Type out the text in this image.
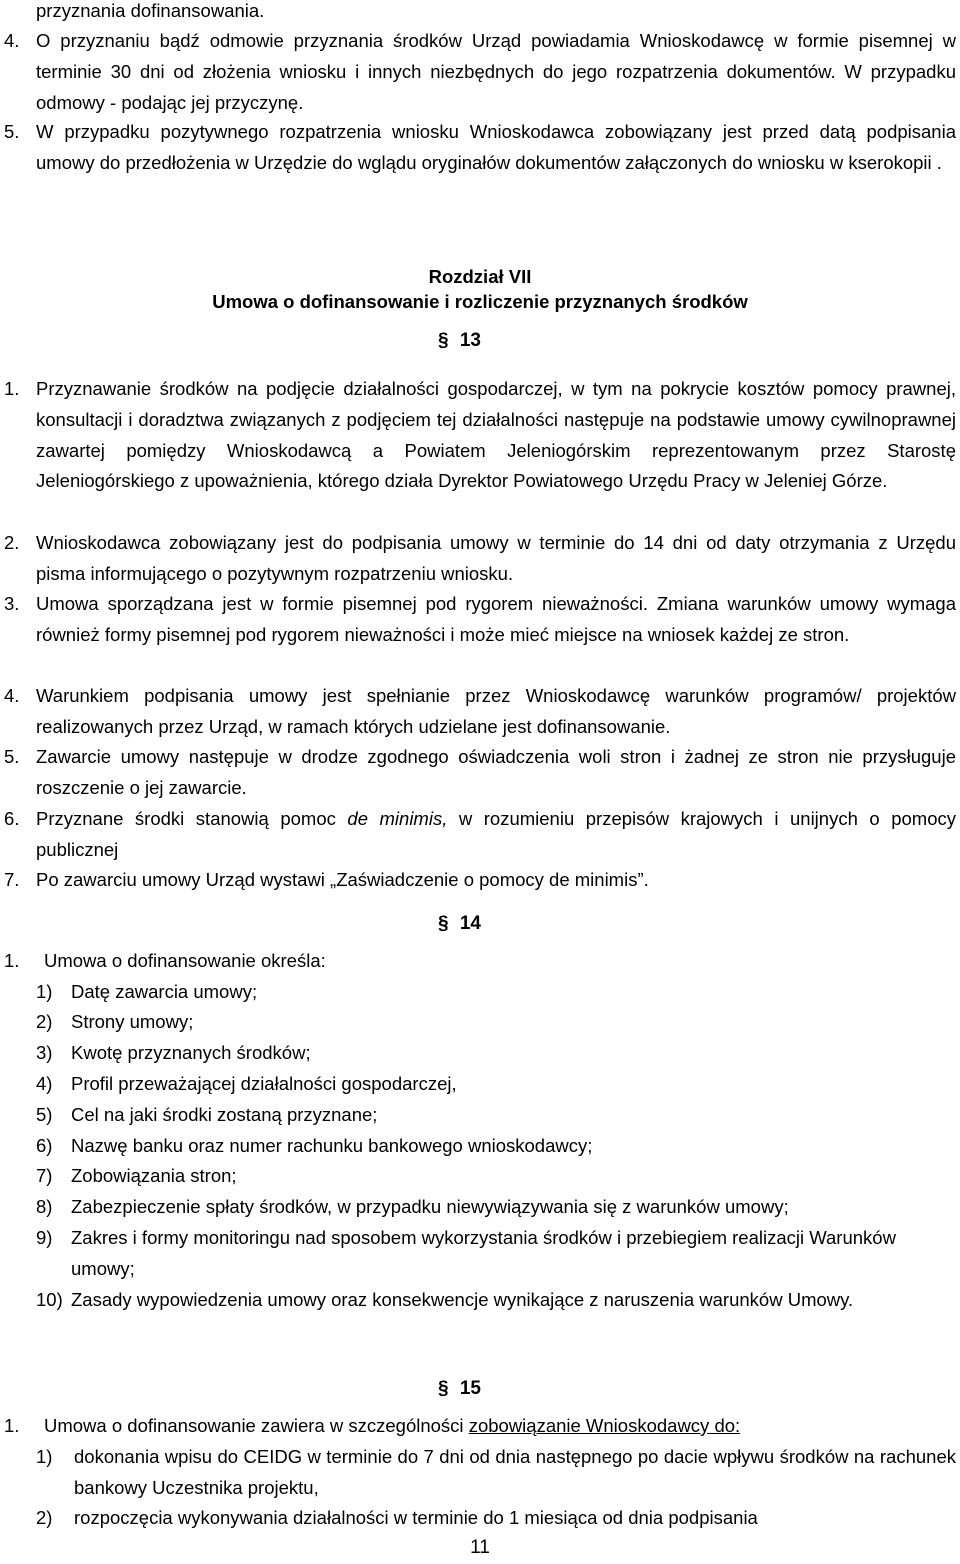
przyznania dofinansowania.
4. O przyznaniu bądź odmowie przyznania środków Urząd powiadamia Wnioskodawcę w formie pisemnej w terminie 30 dni od złożenia wniosku i innych niezbędnych do jego rozpatrzenia dokumentów. W przypadku odmowy - podając jej przyczynę.
5. W przypadku pozytywnego rozpatrzenia wniosku Wnioskodawca zobowiązany jest przed datą podpisania umowy do przedłożenia w Urzędzie do wglądu oryginałów dokumentów załączonych do wniosku w kserokopii .
Rozdział VII
Umowa o dofinansowanie i rozliczenie przyznanych środków
§ 13
1. Przyznawanie środków na podjęcie działalności gospodarczej, w tym na pokrycie kosztów pomocy prawnej, konsultacji i doradztwa związanych z podjęciem tej działalności następuje na podstawie umowy cywilnoprawnej zawartej pomiędzy Wnioskodawcą a Powiatem Jeleniogórskim reprezentowanym przez Starostę Jeleniogórskiego z upoważnienia, którego działa Dyrektor Powiatowego Urzędu Pracy w Jeleniej Górze.
2. Wnioskodawca zobowiązany jest do podpisania umowy w terminie do 14 dni od daty otrzymania z Urzędu pisma informującego o pozytywnym rozpatrzeniu wniosku.
3. Umowa sporządzana jest w formie pisemnej pod rygorem nieważności. Zmiana warunków umowy wymaga również formy pisemnej pod rygorem nieważności i może mieć miejsce na wniosek każdej ze stron.
4. Warunkiem podpisania umowy jest spełnianie przez Wnioskodawcę warunków programów/ projektów realizowanych przez Urząd, w ramach których udzielane jest dofinansowanie.
5. Zawarcie umowy następuje w drodze zgodnego oświadczenia woli stron i żadnej ze stron nie przysługuje roszczenie o jej zawarcie.
6. Przyznane środki stanowią pomoc de minimis, w rozumieniu przepisów krajowych i unijnych o pomocy publicznej
7. Po zawarciu umowy Urząd wystawi „Zaświadczenie o pomocy de minimis”.
§ 14
1. Umowa o dofinansowanie określa:
1) Datę zawarcia umowy;
2) Strony umowy;
3) Kwotę przyznanych środków;
4) Profil przeważającej działalności gospodarczej,
5) Cel na jaki środki zostaną przyznane;
6) Nazwę banku oraz numer rachunku bankowego wnioskodawcy;
7) Zobowiązania stron;
8) Zabezpieczenie spłaty środków, w przypadku niewywiązywania się z warunków umowy;
9) Zakres i formy monitoringu nad sposobem wykorzystania środków i przebiegiem realizacji Warunków umowy;
10) Zasady wypowiedzenia umowy oraz konsekwencje wynikające z naruszenia warunków Umowy.
§ 15
1. Umowa o dofinansowanie zawiera w szczególności zobowiązanie Wnioskodawcy do:
1) dokonania wpisu do CEIDG w terminie do 7 dni od dnia następnego po dacie wpływu środków na rachunek bankowy Uczestnika projektu,
2) rozpoczęcia wykonywania działalności w terminie do 1 miesiąca od dnia podpisania
11
